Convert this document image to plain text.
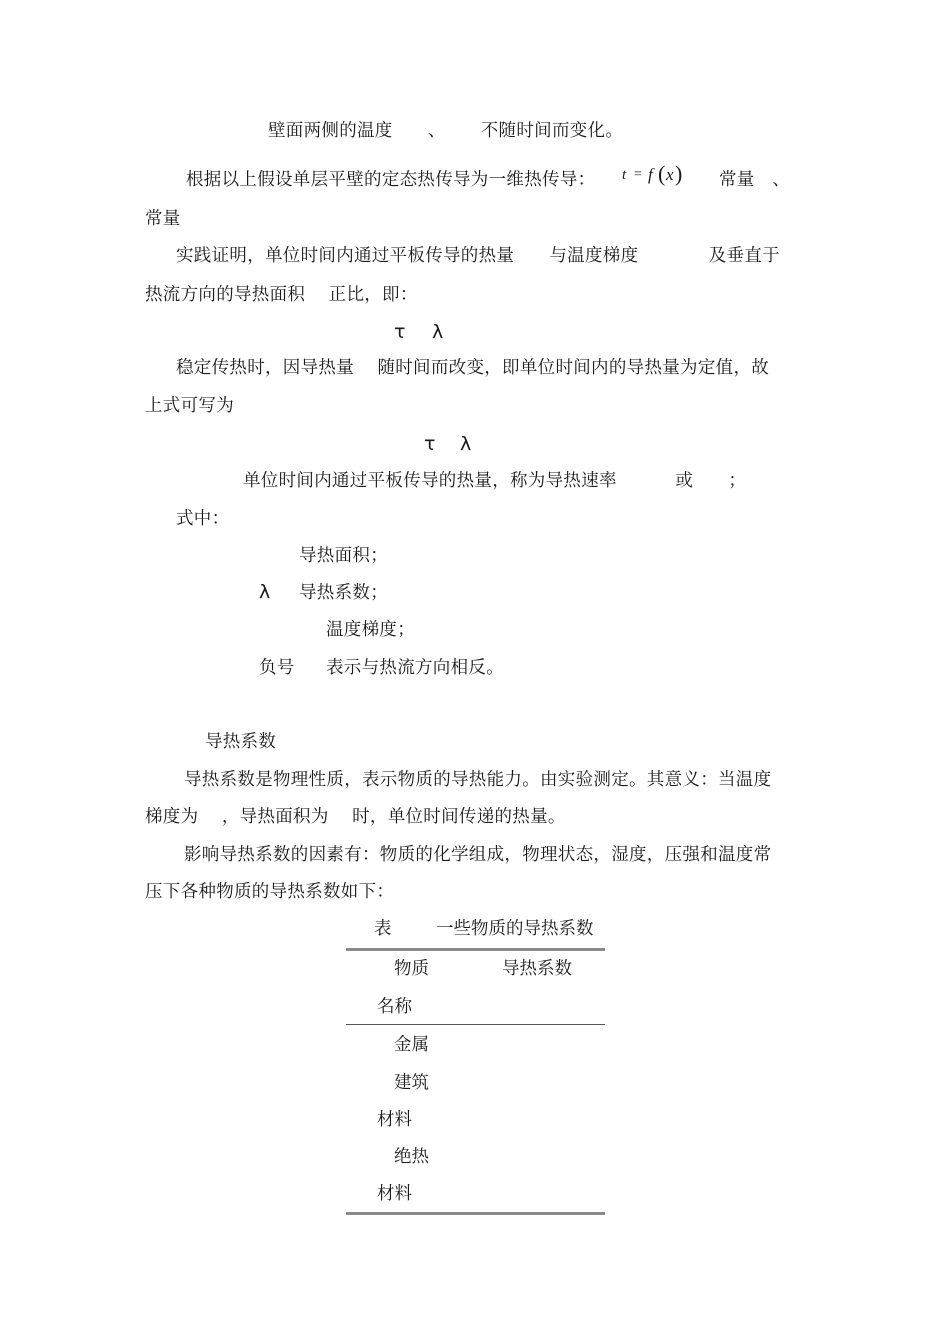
壁面两侧的温度      、      不随时间而变化。
根据以上假设单层平壁的定态热传导为一维热传导： t = f ( x ) 常量   、
常量
实践证明，单位时间内通过平板传导的热量      与温度梯度            及垂直于
热流方向的导热面积    正比，即：
τ λ
稳定传热时，因导热量    随时间而改变，即单位时间内的导热量为定值，故
上式可写为
τ λ
单位时间内通过平板传导的热量，称为导热速率          或      ；
式中：
导热面积；
λ 导热系数；
温度梯度；
负号 表示与热流方向相反。
导热系数
导热系数是物理性质，表示物质的导热能力。由实验测定。其意义：当温度
梯度为    ，导热面积为    时，单位时间传递的热量。
影响导热系数的因素有：物质的化学组成，物理状态，湿度，压强和温度常
压下各种物质的导热系数如下：
表	一些物质的导热系数
物质	导热系数
名称
金属
建筑
材料
绝热
材料
